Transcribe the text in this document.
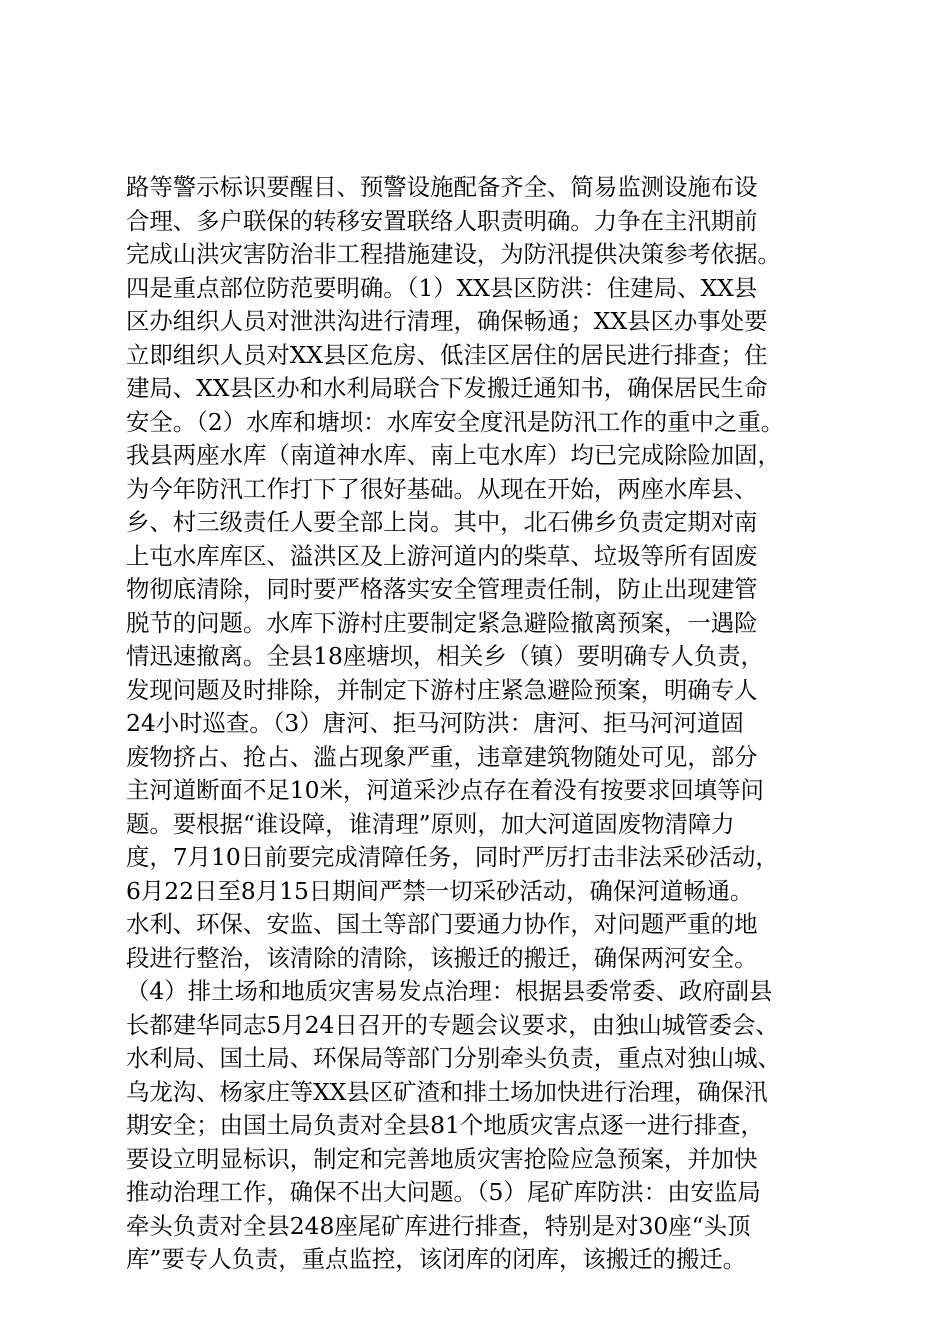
路等警示标识要醒目、预警设施配备齐全、简易监测设施布设
合理、多户联保的转移安置联络人职责明确。力争在主汛期前
完成山洪灾害防治非工程措施建设，为防汛提供决策参考依据。
四是重点部位防范要明确。（1）XX县区防洪：住建局、XX县
区办组织人员对泄洪沟进行清理，确保畅通；XX县区办事处要
立即组织人员对XX县区危房、低洼区居住的居民进行排查；住
建局、XX县区办和水利局联合下发搬迁通知书，确保居民生命
安全。（2）水库和塘坝：水库安全度汛是防汛工作的重中之重。
我县两座水库（南道神水库、南上屯水库）均已完成除险加固，
为今年防汛工作打下了很好基础。从现在开始，两座水库县、
乡、村三级责任人要全部上岗。其中，北石佛乡负责定期对南
上屯水库库区、溢洪区及上游河道内的柴草、垃圾等所有固废
物彻底清除，同时要严格落实安全管理责任制，防止出现建管
脱节的问题。水库下游村庄要制定紧急避险撤离预案，一遇险
情迅速撤离。全县18座塘坝，相关乡（镇）要明确专人负责，
发现问题及时排除，并制定下游村庄紧急避险预案，明确专人
24小时巡查。（3）唐河、拒马河防洪：唐河、拒马河河道固
废物挤占、抢占、滥占现象严重，违章建筑物随处可见，部分
主河道断面不足10米，河道采沙点存在着没有按要求回填等问
题。要根据“谁设障，谁清理”原则，加大河道固废物清障力
度，7月10日前要完成清障任务，同时严厉打击非法采砂活动，
6月22日至8月15日期间严禁一切采砂活动，确保河道畅通。
水利、环保、安监、国土等部门要通力协作，对问题严重的地
段进行整治，该清除的清除，该搬迁的搬迁，确保两河安全。
（4）排土场和地质灾害易发点治理：根据县委常委、政府副县
长都建华同志5月24日召开的专题会议要求，由独山城管委会、
水利局、国土局、环保局等部门分别牵头负责，重点对独山城、
乌龙沟、杨家庄等XX县区矿渣和排土场加快进行治理，确保汛
期安全；由国土局负责对全县81个地质灾害点逐一进行排查，
要设立明显标识，制定和完善地质灾害抢险应急预案，并加快
推动治理工作，确保不出大问题。（5）尾矿库防洪：由安监局
牵头负责对全县248座尾矿库进行排查，特别是对30座“头顶
库”要专人负责，重点监控，该闭库的闭库，该搬迁的搬迁。
